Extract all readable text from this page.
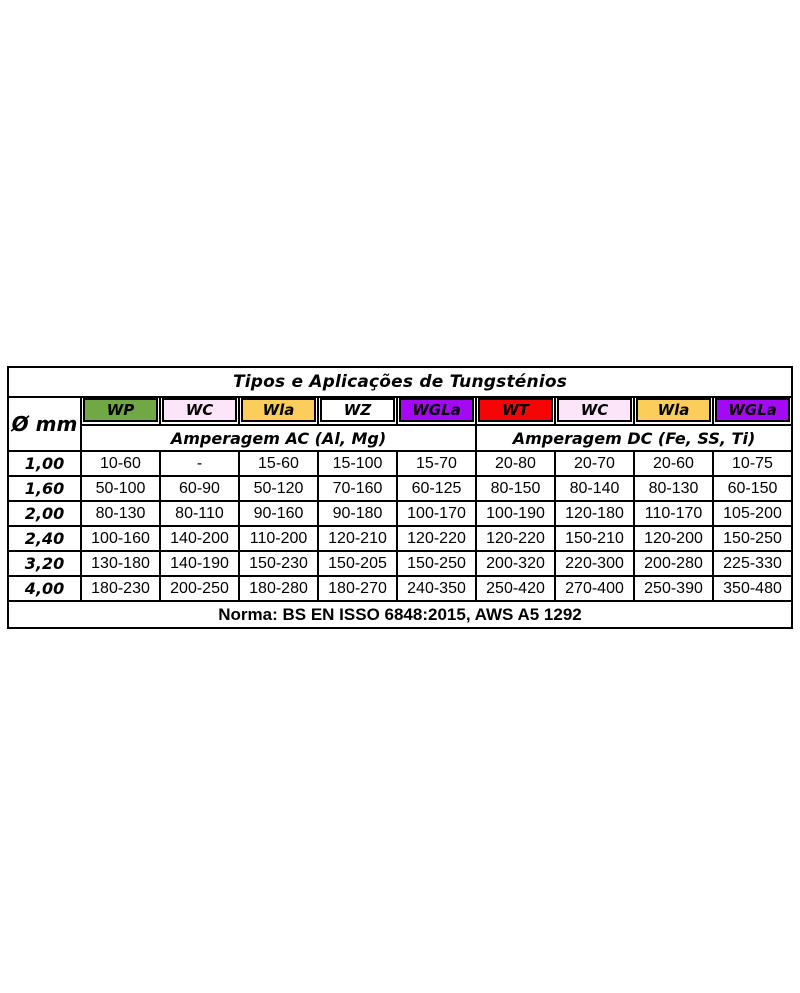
Tipos e Aplicações de Tungsténios									
Ø mm	WP	WC	Wla	WZ	WGLa	WT	WC	Wla	WGLa

	Amperagem AC (Al, Mg)					Amperagem DC (Fe, SS, Ti)			
1,00	10-60	-	15-60	15-100	15-70	20-80	20-70	20-60	10-75
1,60	50-100	60-90	50-120	70-160	60-125	80-150	80-140	80-130	60-150
2,00	80-130	80-110	90-160	90-180	100-170	100-190	120-180	110-170	105-200
2,40	100-160	140-200	110-200	120-210	120-220	120-220	150-210	120-200	150-250
3,20	130-180	140-190	150-230	150-205	150-250	200-320	220-300	200-280	225-330
4,00	180-230	200-250	180-280	180-270	240-350	250-420	270-400	250-390	350-480
Norma: BS EN ISSO 6848:2015, AWS A5 1292									
